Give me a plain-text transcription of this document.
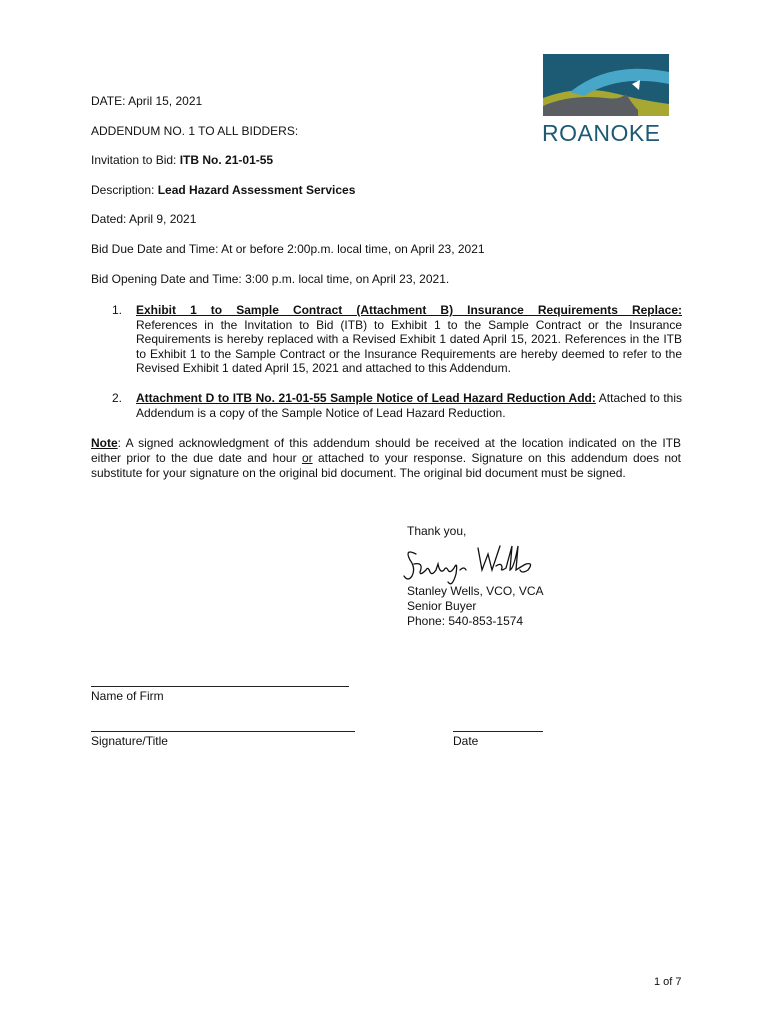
ROANOKE
DATE: April 15, 2021
ADDENDUM NO. 1 TO ALL BIDDERS:
Invitation to Bid: ITB No. 21-01-55
Description: Lead Hazard Assessment Services
Dated: April 9, 2021
Bid Due Date and Time: At or before 2:00p.m. local time, on April 23, 2021
Bid Opening Date and Time: 3:00 p.m. local time, on April 23, 2021.
1. Exhibit 1 to Sample Contract (Attachment B) Insurance Requirements Replace:
References in the Invitation to Bid (ITB) to Exhibit 1 to the Sample Contract or the Insurance Requirements is hereby replaced with a Revised Exhibit 1 dated April 15, 2021. References in the ITB to Exhibit 1 to the Sample Contract or the Insurance Requirements are hereby deemed to refer to the Revised Exhibit 1 dated April 15, 2021 and attached to this Addendum.
2. Attachment D to ITB No. 21-01-55 Sample Notice of Lead Hazard Reduction Add: Attached to this Addendum is a copy of the Sample Notice of Lead Hazard Reduction.
Note: A signed acknowledgment of this addendum should be received at the location indicated on the ITB either prior to the due date and hour or attached to your response. Signature on this addendum does not substitute for your signature on the original bid document. The original bid document must be signed.
Thank you,
Stanley Wells, VCO, VCA
Senior Buyer
Phone: 540-853-1574
Name of Firm
Signature/Title	Date
1 of 7
